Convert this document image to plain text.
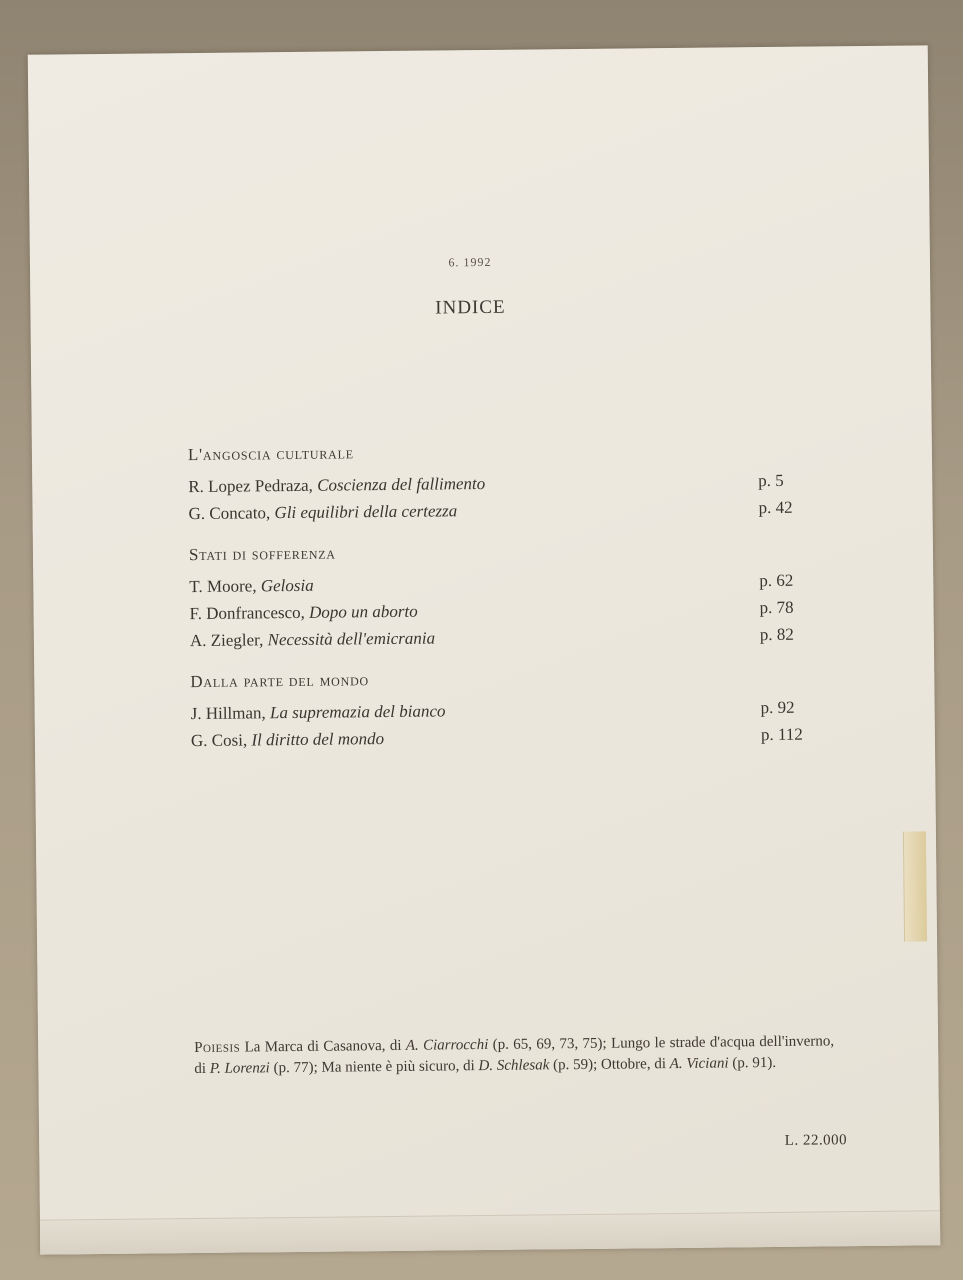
6. 1992
INDICE
L'angoscia culturale
R. Lopez Pedraza, Coscienza del fallimento	p. 5
G. Concato, Gli equilibri della certezza	p. 42
Stati di sofferenza
T. Moore, Gelosia	p. 62
F. Donfrancesco, Dopo un aborto	p. 78
A. Ziegler, Necessità dell'emicrania	p. 82
Dalla parte del mondo
J. Hillman, La supremazia del bianco	p. 92
G. Cosi, Il diritto del mondo	p. 112
Poiesis La Marca di Casanova, di A. Ciarrocchi (p. 65, 69, 73, 75); Lungo le strade d'acqua dell'inverno, di P. Lorenzi (p. 77); Ma niente è più sicuro, di D. Schlesak (p. 59); Ottobre, di A. Viciani (p. 91).
L. 22.000
